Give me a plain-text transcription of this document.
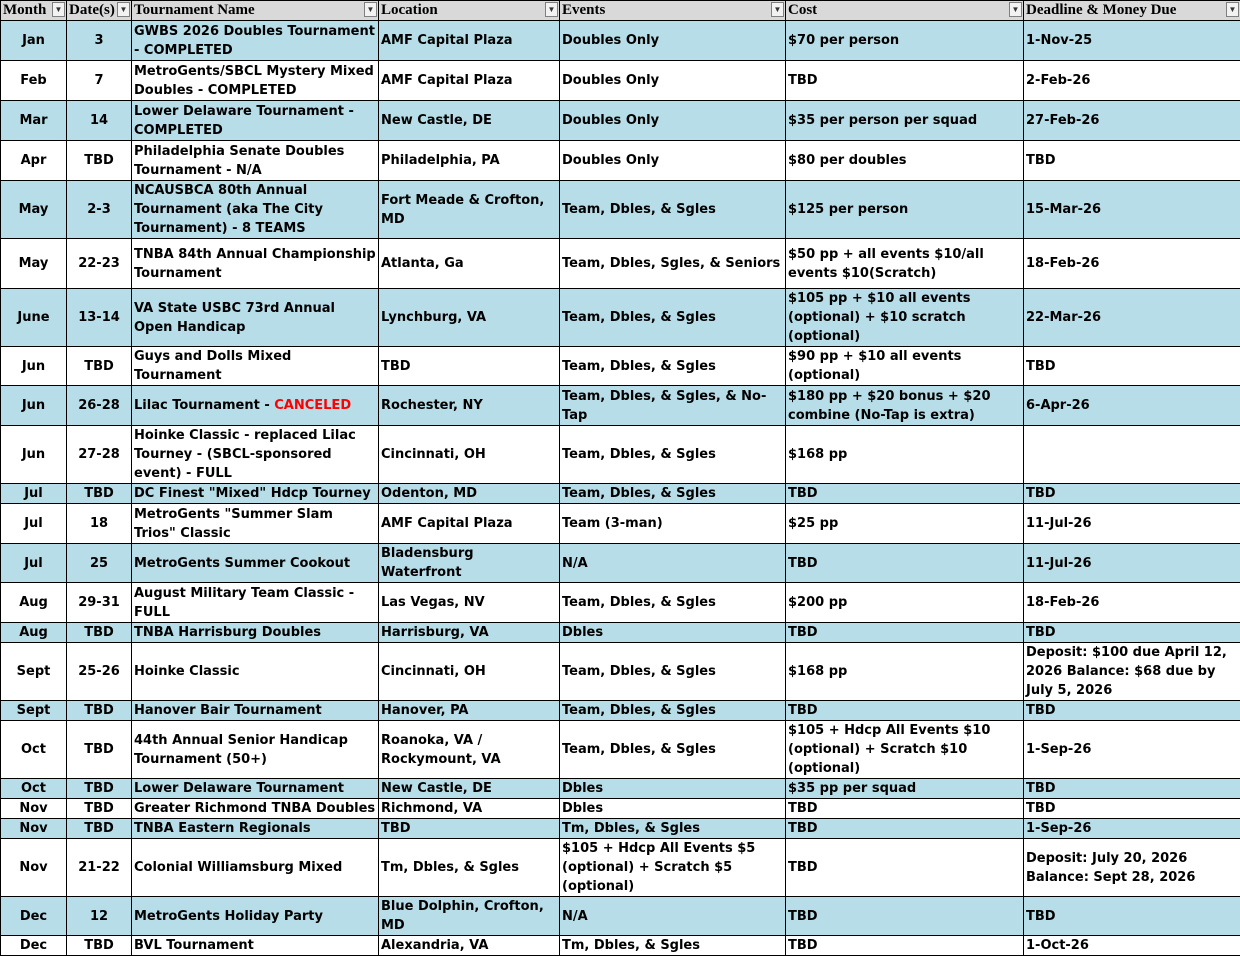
Month ▼	Date(s) ▼	Tournament Name ▼	Location ▼	Events ▼	Cost ▼	Deadline & Money Due ▼

Jan	3	GWBS 2026 Doubles Tournament - COMPLETED	AMF Capital Plaza	Doubles Only	$70 per person	1-Nov-25
Feb	7	MetroGents/SBCL Mystery Mixed Doubles - COMPLETED	AMF Capital Plaza	Doubles Only	TBD	2-Feb-26
Mar	14	Lower Delaware Tournament - COMPLETED	New Castle, DE	Doubles Only	$35 per person per squad	27-Feb-26
Apr	TBD	Philadelphia Senate Doubles Tournament - N/A	Philadelphia, PA	Doubles Only	$80 per doubles	TBD
May	2-3	NCAUSBCA 80th Annual Tournament (aka The City Tournament) - 8 TEAMS	Fort Meade & Crofton, MD	Team, Dbles, & Sgles	$125 per person	15-Mar-26
May	22-23	TNBA 84th Annual Championship Tournament	Atlanta, Ga	Team, Dbles, Sgles, & Seniors	$50 pp + all events $10/all events $10(Scratch)	18-Feb-26
June	13-14	VA State USBC 73rd Annual Open Handicap	Lynchburg, VA	Team, Dbles, & Sgles	$105 pp + $10 all events (optional) + $10 scratch (optional)	22-Mar-26
Jun	TBD	Guys and Dolls Mixed Tournament	TBD	Team, Dbles, & Sgles	$90 pp + $10 all events (optional)	TBD
Jun	26-28	Lilac Tournament - CANCELED	Rochester, NY	Team, Dbles, & Sgles, & No-Tap	$180 pp + $20 bonus + $20 combine (No-Tap is extra)	6-Apr-26
Jun	27-28	Hoinke Classic - replaced Lilac Tourney - (SBCL-sponsored event) - FULL	Cincinnati, OH	Team, Dbles, & Sgles	$168 pp	
Jul	TBD	DC Finest "Mixed" Hdcp Tourney	Odenton, MD	Team, Dbles, & Sgles	TBD	TBD
Jul	18	MetroGents "Summer Slam Trios" Classic	AMF Capital Plaza	Team (3-man)	$25 pp	11-Jul-26
Jul	25	MetroGents Summer Cookout	Bladensburg Waterfront	N/A	TBD	11-Jul-26
Aug	29-31	August Military Team Classic - FULL	Las Vegas, NV	Team, Dbles, & Sgles	$200 pp	18-Feb-26
Aug	TBD	TNBA Harrisburg Doubles	Harrisburg, VA	Dbles	TBD	TBD
Sept	25-26	Hoinke Classic	Cincinnati, OH	Team, Dbles, & Sgles	$168 pp	Deposit: $100 due April 12, 2026 Balance: $68 due by July 5, 2026
Sept	TBD	Hanover Bair Tournament	Hanover, PA	Team, Dbles, & Sgles	TBD	TBD
Oct	TBD	44th Annual Senior Handicap Tournament (50+)	Roanoka, VA / Rockymount, VA	Team, Dbles, & Sgles	$105 + Hdcp All Events $10 (optional) + Scratch $10 (optional)	1-Sep-26
Oct	TBD	Lower Delaware Tournament	New Castle, DE	Dbles	$35 pp per squad	TBD
Nov	TBD	Greater Richmond TNBA Doubles	Richmond, VA	Dbles	TBD	TBD
Nov	TBD	TNBA Eastern Regionals	TBD	Tm, Dbles, & Sgles	TBD	1-Sep-26
Nov	21-22	Colonial Williamsburg Mixed	Tm, Dbles, & Sgles	$105 + Hdcp All Events $5 (optional) + Scratch $5 (optional)	TBD	Deposit: July 20, 2026 Balance: Sept 28, 2026
Dec	12	MetroGents Holiday Party	Blue Dolphin, Crofton, MD	N/A	TBD	TBD
Dec	TBD	BVL Tournament	Alexandria, VA	Tm, Dbles, & Sgles	TBD	1-Oct-26
